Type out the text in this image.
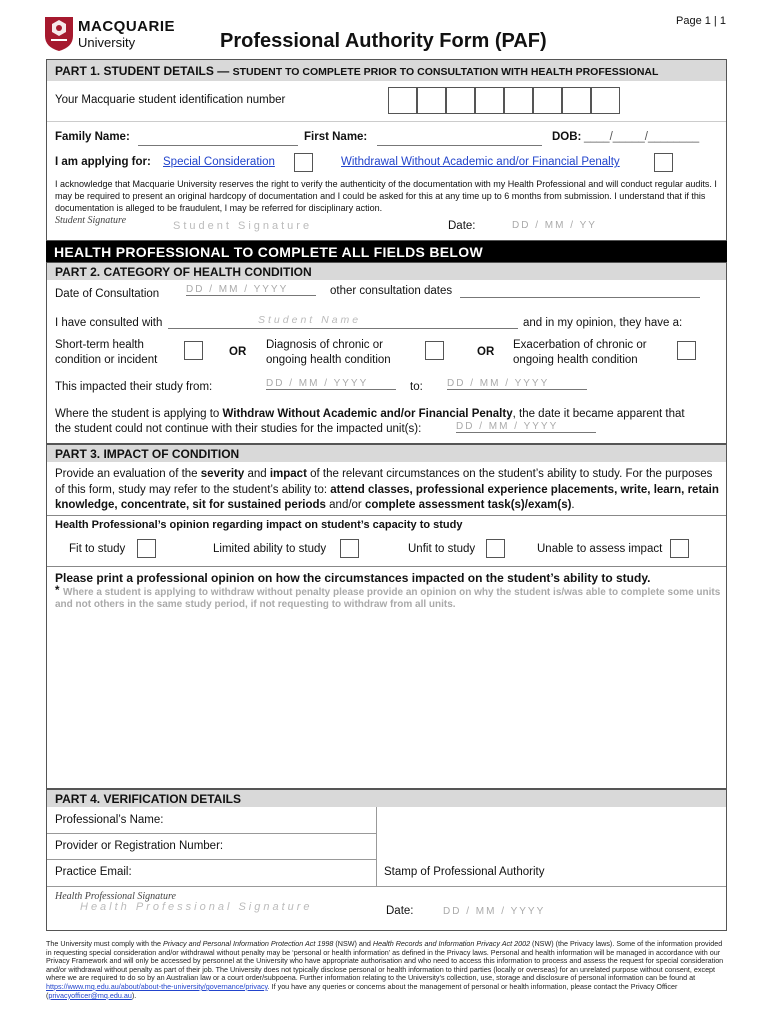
MACQUARIE
University
Page 1 | 1
Professional Authority Form (PAF)
PART 1. STUDENT DETAILS — STUDENT TO COMPLETE PRIOR TO CONSULTATION WITH HEALTH PROFESSIONAL
Your Macquarie student identification number
Family Name:	First Name:	DOB: ____/_____/________
I am applying for: Special Consideration	Withdrawal Without Academic and/or Financial Penalty
I acknowledge that Macquarie University reserves the right to verify the authenticity of the documentation with my Health Professional and will conduct regular audits. I may be required to present an original hardcopy of documentation and I could be asked for this at any time up to 6 months from submission. I understand that if this documentation is alleged to be fraudulent, I may be referred for disciplinary action.
Student Signature	Student Signature	Date:	DD / MM / YY
HEALTH PROFESSIONAL TO COMPLETE ALL FIELDS BELOW
PART 2. CATEGORY OF HEALTH CONDITION
Date of Consultation	DD / MM / YYYY	other consultation dates
I have consulted with	Student Name	and in my opinion, they have a:
Short-term health
condition or incident
OR
Diagnosis of chronic or
ongoing health condition
OR
Exacerbation of chronic or
ongoing health condition
This impacted their study from:	DD / MM / YYYY	to: DD / MM / YYYY
Where the student is applying to Withdraw Without Academic and/or Financial Penalty, the date it became apparent that
the student could not continue with their studies for the impacted unit(s):	DD / MM / YYYY
PART 3. IMPACT OF CONDITION
Provide an evaluation of the severity and impact of the relevant circumstances on the student’s ability to study. For the purposes of this form, study may refer to the student’s ability to: attend classes, professional experience placements, write, learn, retain knowledge, concentrate, sit for sustained periods and/or complete assessment task(s)/exam(s).
Health Professional’s opinion regarding impact on student’s capacity to study
Fit to study	Limited ability to study	Unfit to study	Unable to assess impact
Please print a professional opinion on how the circumstances impacted on the student’s ability to study.
* Where a student is applying to withdraw without penalty please provide an opinion on why the student is/was able to complete some units and not others in the same study period, if not requesting to withdraw from all units.
PART 4. VERIFICATION DETAILS
Professional’s Name:
Provider or Registration Number:
Practice Email:	Stamp of Professional Authority
Health Professional Signature
Health Professional Signature	Date:	DD / MM / YYYY
The University must comply with the Privacy and Personal Information Protection Act 1998 (NSW) and Health Records and Information Privacy Act 2002 (NSW) (the Privacy laws). Some of the information provided in requesting special consideration and/or withdrawal without penalty may be ‘personal or health information’ as defined in the Privacy laws. Personal and health information will be managed in accordance with our Privacy Framework and will only be accessed by personnel at the University who have appropriate authorisation and who need to access this information to process and assess the request for special consideration and/or withdrawal without penalty as part of their job. The University does not typically disclose personal or health information to third parties (locally or overseas) for an unrelated purpose without consent, except where we are required to do so by an Australian law or a court order/subpoena. Further information relating to the University’s collection, use, storage and disclosure of personal information can be found at https://www.mq.edu.au/about/about-the-university/governance/privacy. If you have any queries or concerns about the management of personal or health information, please contact the Privacy Officer (privacyofficer@mq.edu.au).
